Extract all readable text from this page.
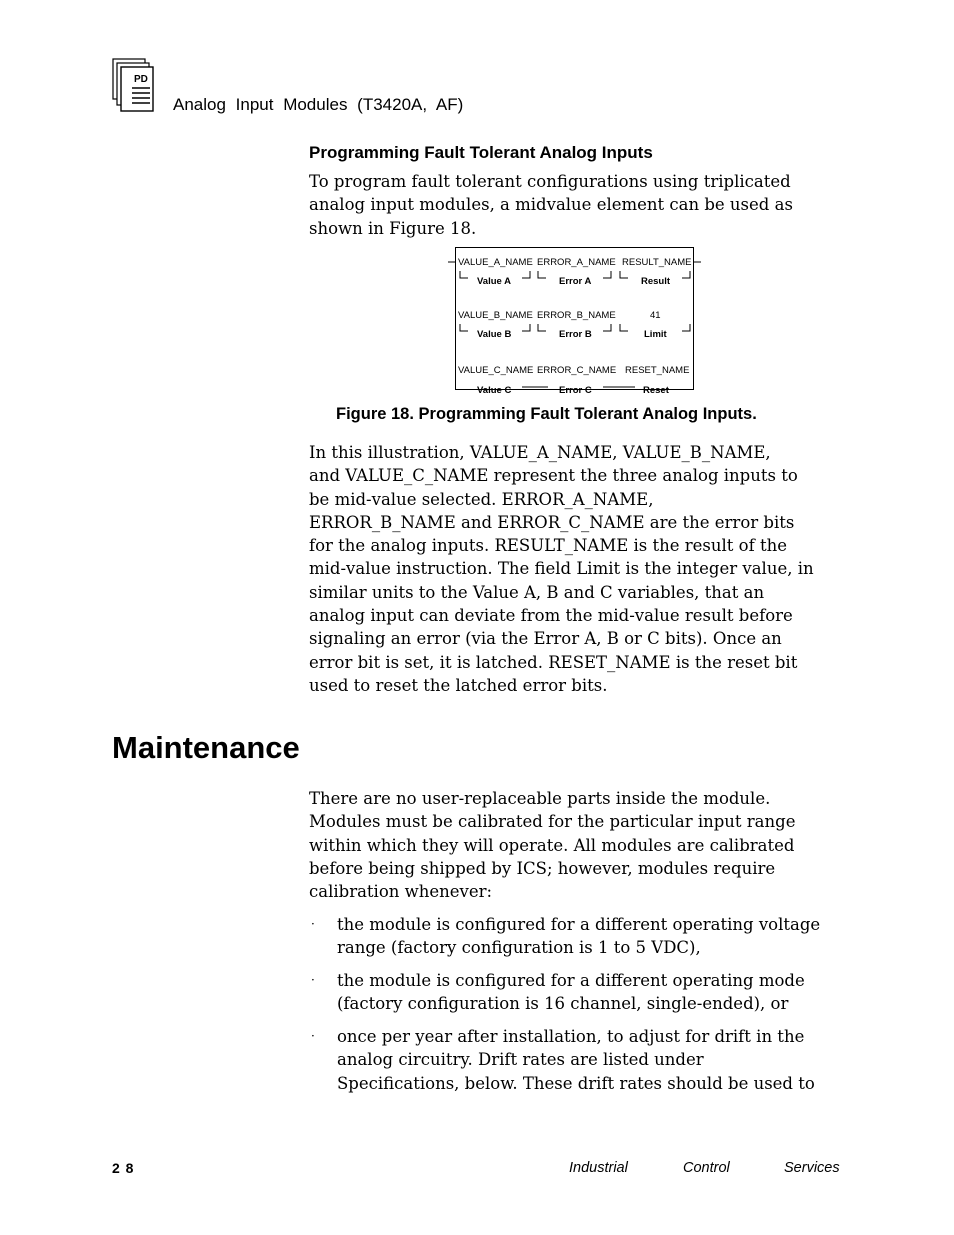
PD
Analog Input Modules (T3420A, AF)
Programming Fault Tolerant Analog Inputs
To program fault tolerant configurations using triplicated
analog input modules, a midvalue element can be used as
shown in Figure 18.
VALUE_A_NAME ERROR_A_NAME RESULT_NAME
Value A	Error A	Result
VALUE_B_NAME ERROR_B_NAME	41
Value B	Error B	Limit
VALUE_C_NAME ERROR_C_NAME RESET_NAME
Value C	Error C	Reset
Figure 18. Programming Fault Tolerant Analog Inputs.
In this illustration, VALUE_A_NAME, VALUE_B_NAME,
and VALUE_C_NAME represent the three analog inputs to
be mid-value selected. ERROR_A_NAME,
ERROR_B_NAME and ERROR_C_NAME are the error bits
for the analog inputs. RESULT_NAME is the result of the
mid-value instruction. The field Limit is the integer value, in
similar units to the Value A, B and C variables, that an
analog input can deviate from the mid-value result before
signaling an error (via the Error A, B or C bits). Once an
error bit is set, it is latched. RESET_NAME is the reset bit
used to reset the latched error bits.
Maintenance
There are no user-replaceable parts inside the module.
Modules must be calibrated for the particular input range
within which they will operate. All modules are calibrated
before being shipped by ICS; however, modules require
calibration whenever:
· the module is configured for a different operating voltage
range (factory configuration is 1 to 5 VDC),
· the module is configured for a different operating mode
(factory configuration is 16 channel, single-ended), or
· once per year after installation, to adjust for drift in the
analog circuitry. Drift rates are listed under
Specifications, below. These drift rates should be used to
2 8	Industrial	Control	Services
